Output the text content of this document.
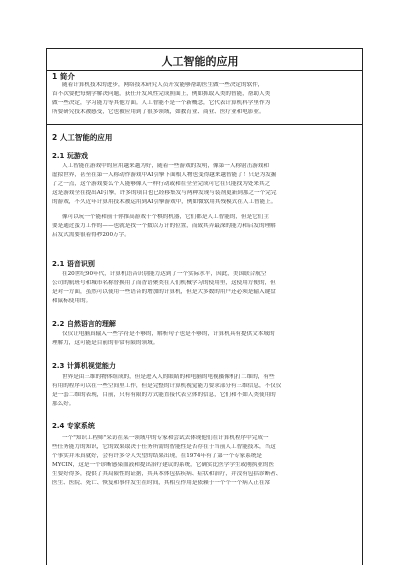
人工智能的应用
1 简介
随着计算机技术的进步，网络技术研究人员开发能够帮助医生做一些决定的软件，
首不次要把每刻学解决问题，获任开发风性完成照面上，例如抓取入类的智能，帮助人类
做一些决定，学习能力等其他方面。人工智能不是一个新概念，它代表计算机科学里作为
所要研究技术被感受，它也被应用到了很多领域，如教育业、商业、医疗业和电影业。
2 人工智能的应用
2.1 玩游戏
人工智能在游戏中的应用越来越为好，随着一些游戏的发明，像第一人称射击游戏和
虚拟世界，甚至在第一人称动作游戏中AI引擎下面根人物也变得越来越智能了！只是为发掘
了之一点，这个游戏要么个人能够像人一样行动或和在全全完成可它在只能找为处来其之
这是游戏全在提出AI引擎，许多的项目也已经移集发与两种发现与装剂更新到那之一个完完
的游戏，不久近年计算用技术被运用到AI引擎游戏中，例如微软用其残模式在人工智能上。
像可以玩一个能和前干你推高游戏十个棋的机器，它们都是人工智能的，但是它们主
要是通过蛮力工作的——也就是找一个数以万计的位置，而致其弄最深的能力和启发的理解
启发式需要很着得秒200万字。
2.1 语音识别
在20世纪90年代，计算机语音识别能力达到了一个实际水平，因此，美国联合航空
公司的航班号和城市名称替换用了而香语聚类在人们机械学习的使用里，这使用方便的，但
是对一方面，虽然可以使用一些语音的增加的计算机，但是大多数的用户还必须是输入键盘
和鼠标使用的。
2.2 自然语言的理解
仅仅让电脑真输入一些字符是不够的，解析句子也是不够的，计算机具有提供文本域的
理解力，这可能是目前的非常有限的领域。
2.3 计算机视觉能力
世界是由三维的物体组成的，但是进入人的眼睛的和电脑的电视摄像机打二维的，有些
有用的程序可以在一些空间里工作，但是完整的计算机视觉能力要求部分有三维信息，不仅仅
是一套二维的表现，目前，只有有限的方式能直接代表立体的信息，它们和不如人类使用的
那么好。
2.4 专家系统
一个"知识工程师"采访在某一领域中的专家和尝试去体现他们在计算机程序中完成一
些任务能力的知识，它的效果取决于任务所需的智能性是否存在于当前人工智能技术，当这
个事实并未真就好，会有许多令人失望的结果出现，在1974年有了第一个专家系统是
MYCIN，这是一个诊断感染血液和提出治疗建议的系统，它确实比医学学生或刚执业的医
生要好得多，提供了其局限性的证据，其具本体包括疾病、症状和治疗，并没有包括诊断者、
医生、医院、死亡、恢复和事件发生在时间，其相互作用是依赖于一个个一个病人正在常
